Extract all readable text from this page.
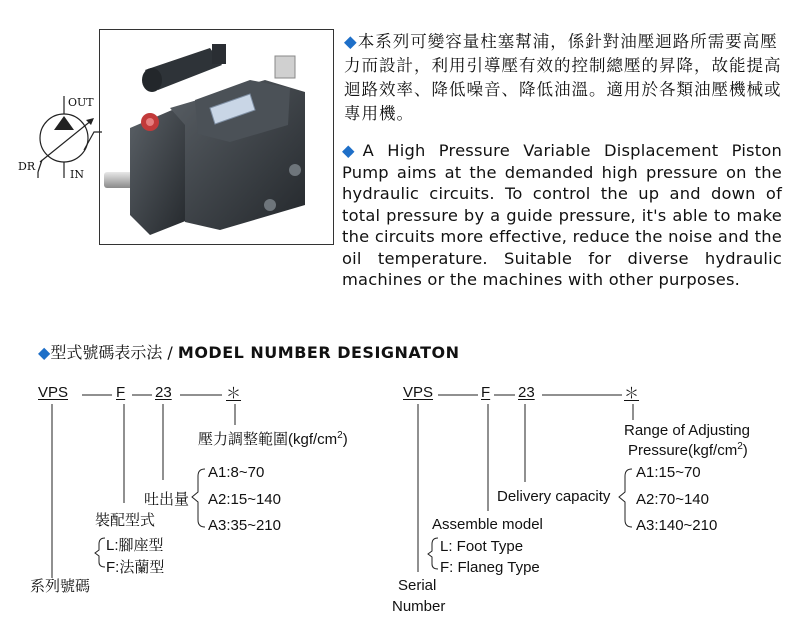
OUT
IN
DR
◆本系列可變容量柱塞幫浦，係針對油壓迴路所需要高壓力而設計，利用引導壓有效的控制總壓的昇降，故能提高迴路效率、降低噪音、降低油溫。適用於各類油壓機械或專用機。
◆A High Pressure Variable Displacement Piston Pump aims at the demanded high pressure on the hydraulic circuits. To control the up and down of total pressure by a guide pressure, it's able to make the circuits more effective, reduce the noise and the oil temperature. Suitable for diverse hydraulic machines or the machines with other purposes.
◆型式號碼表示法 / MODEL NUMBER DESIGNATON
VPS	F 23	＊
壓力調整範圍$(kgf/cm^2)$
吐出量
A1:8~70
A2:15~140
A3:35~210
裝配型式
L:腳座型
F:法蘭型
系列號碼
VPS	F 23	＊
Range of Adjusting
$Pressure(kgf/cm^2)$
Delivery capacity
A1:15~70
A2:70~140
A3:140~210
Assemble model
L: Foot Type
F: Flaneg Type
Serial
Number
